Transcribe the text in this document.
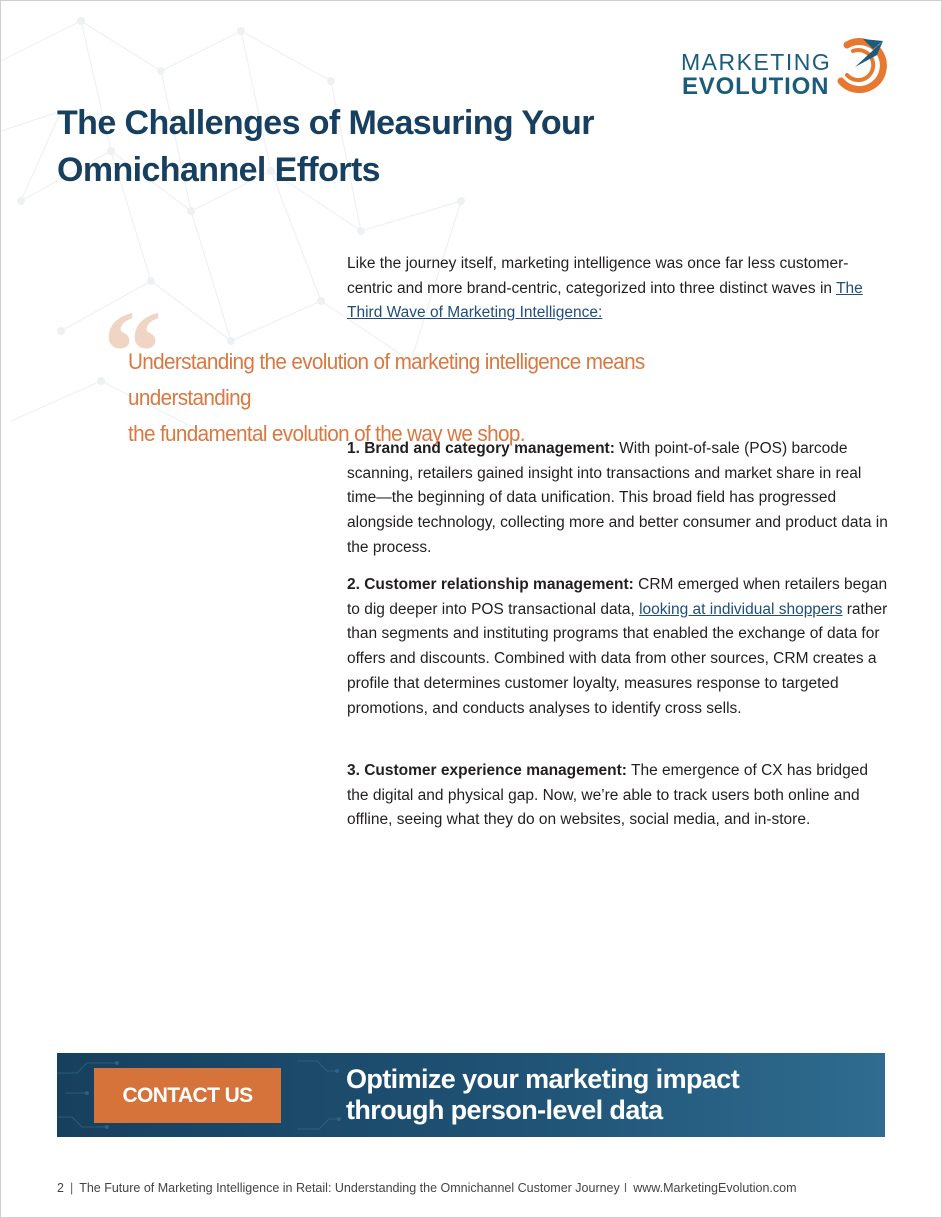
MARKETING
EVOLUTION
The Challenges of Measuring Your
Omnichannel Efforts

Like the journey itself, marketing intelligence was once far less customer-centric and more brand-centric, categorized into three distinct waves in The Third Wave of Marketing Intelligence:

“
Understanding the evolution of marketing intelligence means understanding
the fundamental evolution of the way we shop.

1. Brand and category management: With point-of-sale (POS) barcode scanning, retailers gained insight into transactions and market share in real time—the beginning of data unification. This broad field has progressed alongside technology, collecting more and better consumer and product data in the process.

2. Customer relationship management: CRM emerged when retailers began to dig deeper into POS transactional data, looking at individual shoppers rather than segments and instituting programs that enabled the exchange of data for offers and discounts. Combined with data from other sources, CRM creates a profile that determines customer loyalty, measures response to targeted promotions, and conducts analyses to identify cross sells.

3. Customer experience management: The emergence of CX has bridged the digital and physical gap. Now, we’re able to track users both online and offline, seeing what they do on websites, social media, and in-store.

CONTACT US
Optimize your marketing impact
through person-level data
2 | The Future of Marketing Intelligence in Retail: Understanding the Omnichannel Customer Journey I www.MarketingEvolution.com
